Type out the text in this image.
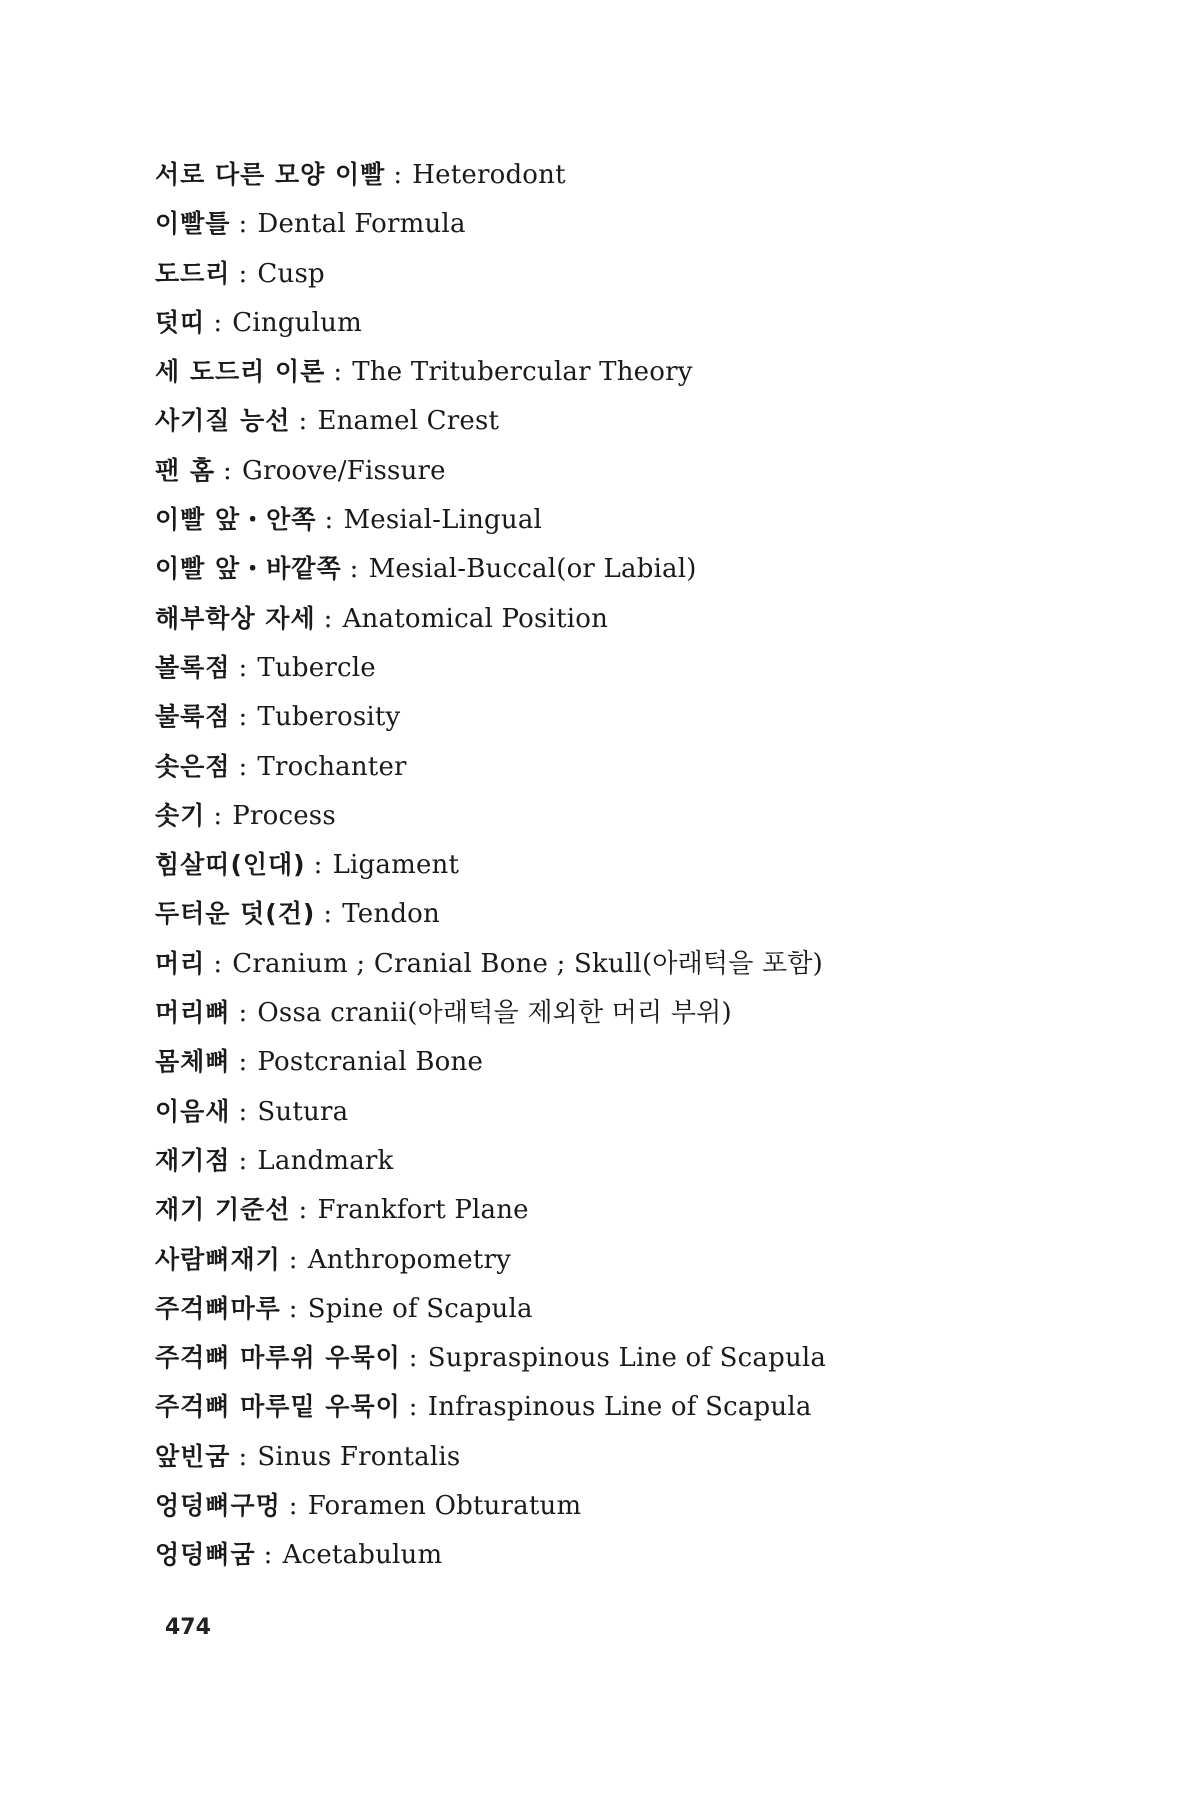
서로 다른 모양 이빨 : Heterodont
이빨틀 : Dental Formula
도드리 : Cusp
덧띠 : Cingulum
세 도드리 이론 : The Tritubercular Theory
사기질 능선 : Enamel Crest
팬 홈 : Groove/Fissure
이빨 앞・안쪽 : Mesial-Lingual
이빨 앞・바깥쪽 : Mesial-Buccal(or Labial)
해부학상 자세 : Anatomical Position
볼록점 : Tubercle
불룩점 : Tuberosity
솟은점 : Trochanter
솟기 : Process
힘살띠(인대) : Ligament
두터운 덧(건) : Tendon
머리 : Cranium ; Cranial Bone ; Skull(아래턱을 포함)
머리뼈 : Ossa cranii(아래턱을 제외한 머리 부위)
몸체뼈 : Postcranial Bone
이음새 : Sutura
재기점 : Landmark
재기 기준선 : Frankfort Plane
사람뼈재기 : Anthropometry
주걱뼈마루 : Spine of Scapula
주걱뼈 마루위 우묵이 : Supraspinous Line of Scapula
주걱뼈 마루밑 우묵이 : Infraspinous Line of Scapula
앞빈굼 : Sinus Frontalis
엉덩뼈구멍 : Foramen Obturatum
엉덩뼈굼 : Acetabulum
474
